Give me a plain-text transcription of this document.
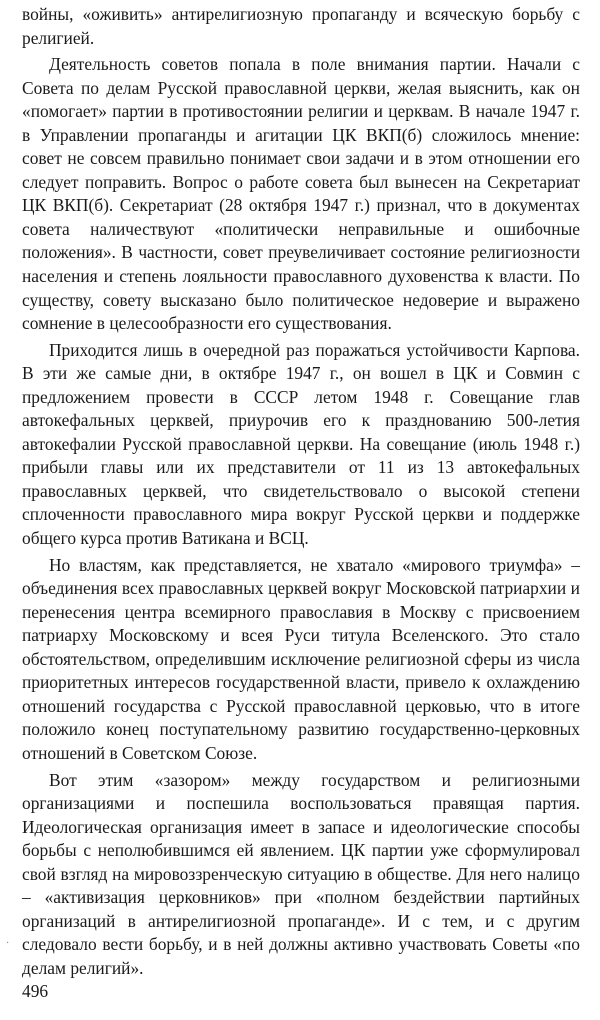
войны, «оживить» антирелигиозную пропаганду и всяческую борьбу с религией.

Деятельность советов попала в поле внимания партии. Начали с Совета по делам Русской православной церкви, желая выяснить, как он «помогает» партии в противостоянии религии и церквам. В начале 1947 г. в Управлении пропаганды и агитации ЦК ВКП(б) сложилось мнение: совет не совсем правильно понимает свои задачи и в этом отношении его следует поправить. Вопрос о работе совета был вынесен на Секретариат ЦК ВКП(б). Секретариат (28 октября 1947 г.) признал, что в документах совета наличествуют «политически неправильные и ошибочные положения». В частности, совет преувеличивает состояние религиозности населения и степень лояльности православного духовенства к власти. По существу, совету высказано было политическое недоверие и выражено сомнение в целесообразности его существования.

Приходится лишь в очередной раз поражаться устойчивости Карпова. В эти же самые дни, в октябре 1947 г., он вошел в ЦК и Совмин с предложением провести в СССР летом 1948 г. Совещание глав автокефальных церквей, приурочив его к празднованию 500-летия автокефалии Русской православной церкви. На совещание (июль 1948 г.) прибыли главы или их представители от 11 из 13 автокефальных православных церквей, что свидетельствовало о высокой степени сплоченности православного мира вокруг Русской церкви и поддержке общего курса против Ватикана и ВСЦ.

Но властям, как представляется, не хватало «мирового триумфа» – объединения всех православных церквей вокруг Московской патриархии и перенесения центра всемирного православия в Москву с присвоением патриарху Московскому и всея Руси титула Вселенского. Это стало обстоятельством, определившим исключение религиозной сферы из числа приоритетных интересов государственной власти, привело к охлаждению отношений государства с Русской православной церковью, что в итоге положило конец поступательному развитию государственно-церковных отношений в Советском Союзе.

Вот этим «зазором» между государством и религиозными организациями и поспешила воспользоваться правящая партия. Идеологическая организация имеет в запасе и идеологические способы борьбы с неполюбившимся ей явлением. ЦК партии уже сформулировал свой взгляд на мировоззренческую ситуацию в обществе. Для него налицо – «активизация церковников» при «полном бездействии партийных организаций в антирелигиозной пропаганде». И с тем, и с другим следовало вести борьбу, и в ней должны активно участвовать Советы «по делам религий».

·
496
